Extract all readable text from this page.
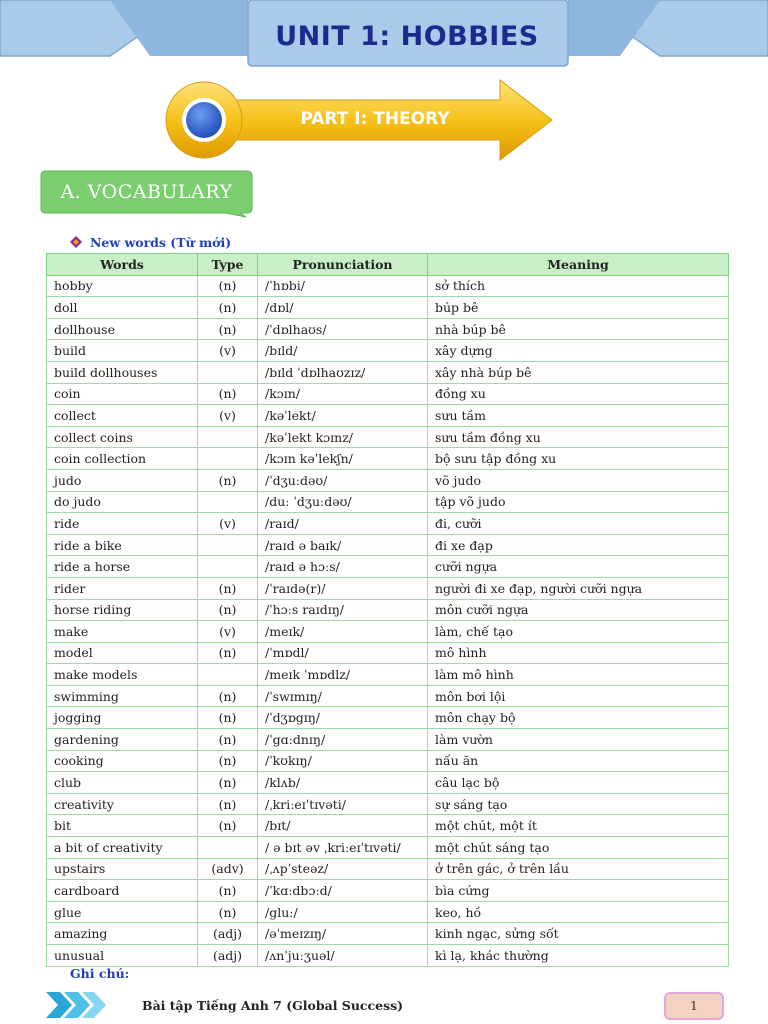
UNIT 1: HOBBIES
PART I: THEORY
A. VOCABULARY
New words (Từ mới)
Words	Type	Pronunciation	Meaning
hobby	(n)	/ˈhɒbi/	sở thích
doll	(n)	/dɒl/	búp bê
dollhouse	(n)	/ˈdɒlhaʊs/	nhà búp bê
build	(v)	/bɪld/	xây dựng
build dollhouses		/bɪld ˈdɒlhaʊzɪz/	xây nhà búp bê
coin	(n)	/kɔɪn/	đồng xu
collect	(v)	/kəˈlekt/	sưu tầm
collect coins		/kəˈlekt kɔɪnz/	sưu tầm đồng xu
coin collection		/kɔɪn kəˈlekʃn/	bộ sưu tập đồng xu
judo	(n)	/ˈdʒuːdəʊ/	võ judo
do judo		/duː ˈdʒuːdəʊ/	tập võ judo
ride	(v)	/raɪd/	đi, cưỡi
ride a bike		/raɪd ə baɪk/	đi xe đạp
ride a horse		/raɪd ə hɔːs/	cưỡi ngựa
rider	(n)	/ˈraɪdə(r)/	người đi xe đạp, người cưỡi ngựa
horse riding	(n)	/ˈhɔːs raɪdɪŋ/	môn cưỡi ngựa
make	(v)	/meɪk/	làm, chế tạo
model	(n)	/ˈmɒdl/	mô hình
make models		/meɪk ˈmɒdlz/	làm mô hình
swimming	(n)	/ˈswɪmɪŋ/	môn bơi lội
jogging	(n)	/ˈdʒɒgɪŋ/	môn chạy bộ
gardening	(n)	/ˈgɑːdnɪŋ/	làm vườn
cooking	(n)	/ˈkʊkɪŋ/	nấu ăn
club	(n)	/klʌb/	câu lạc bộ
creativity	(n)	/ˌkriːeɪˈtɪvəti/	sự sáng tạo
bit	(n)	/bɪt/	một chút, một ít
a bit of creativity		/ ə bɪt əv ˌkriːeɪˈtɪvəti/	một chút sáng tạo
upstairs	(adv)	/ˌʌpˈsteəz/	ở trên gác, ở trên lầu
cardboard	(n)	/ˈkɑːdbɔːd/	bìa cứng
glue	(n)	/gluː/	keo, hồ
amazing	(adj)	/əˈmeɪzɪŋ/	kinh ngạc, sửng sốt
unusual	(adj)	/ʌnˈjuːʒuəl/	kì lạ, khác thường
Ghi chú:
Bài tập Tiếng Anh 7 (Global Success)	1
